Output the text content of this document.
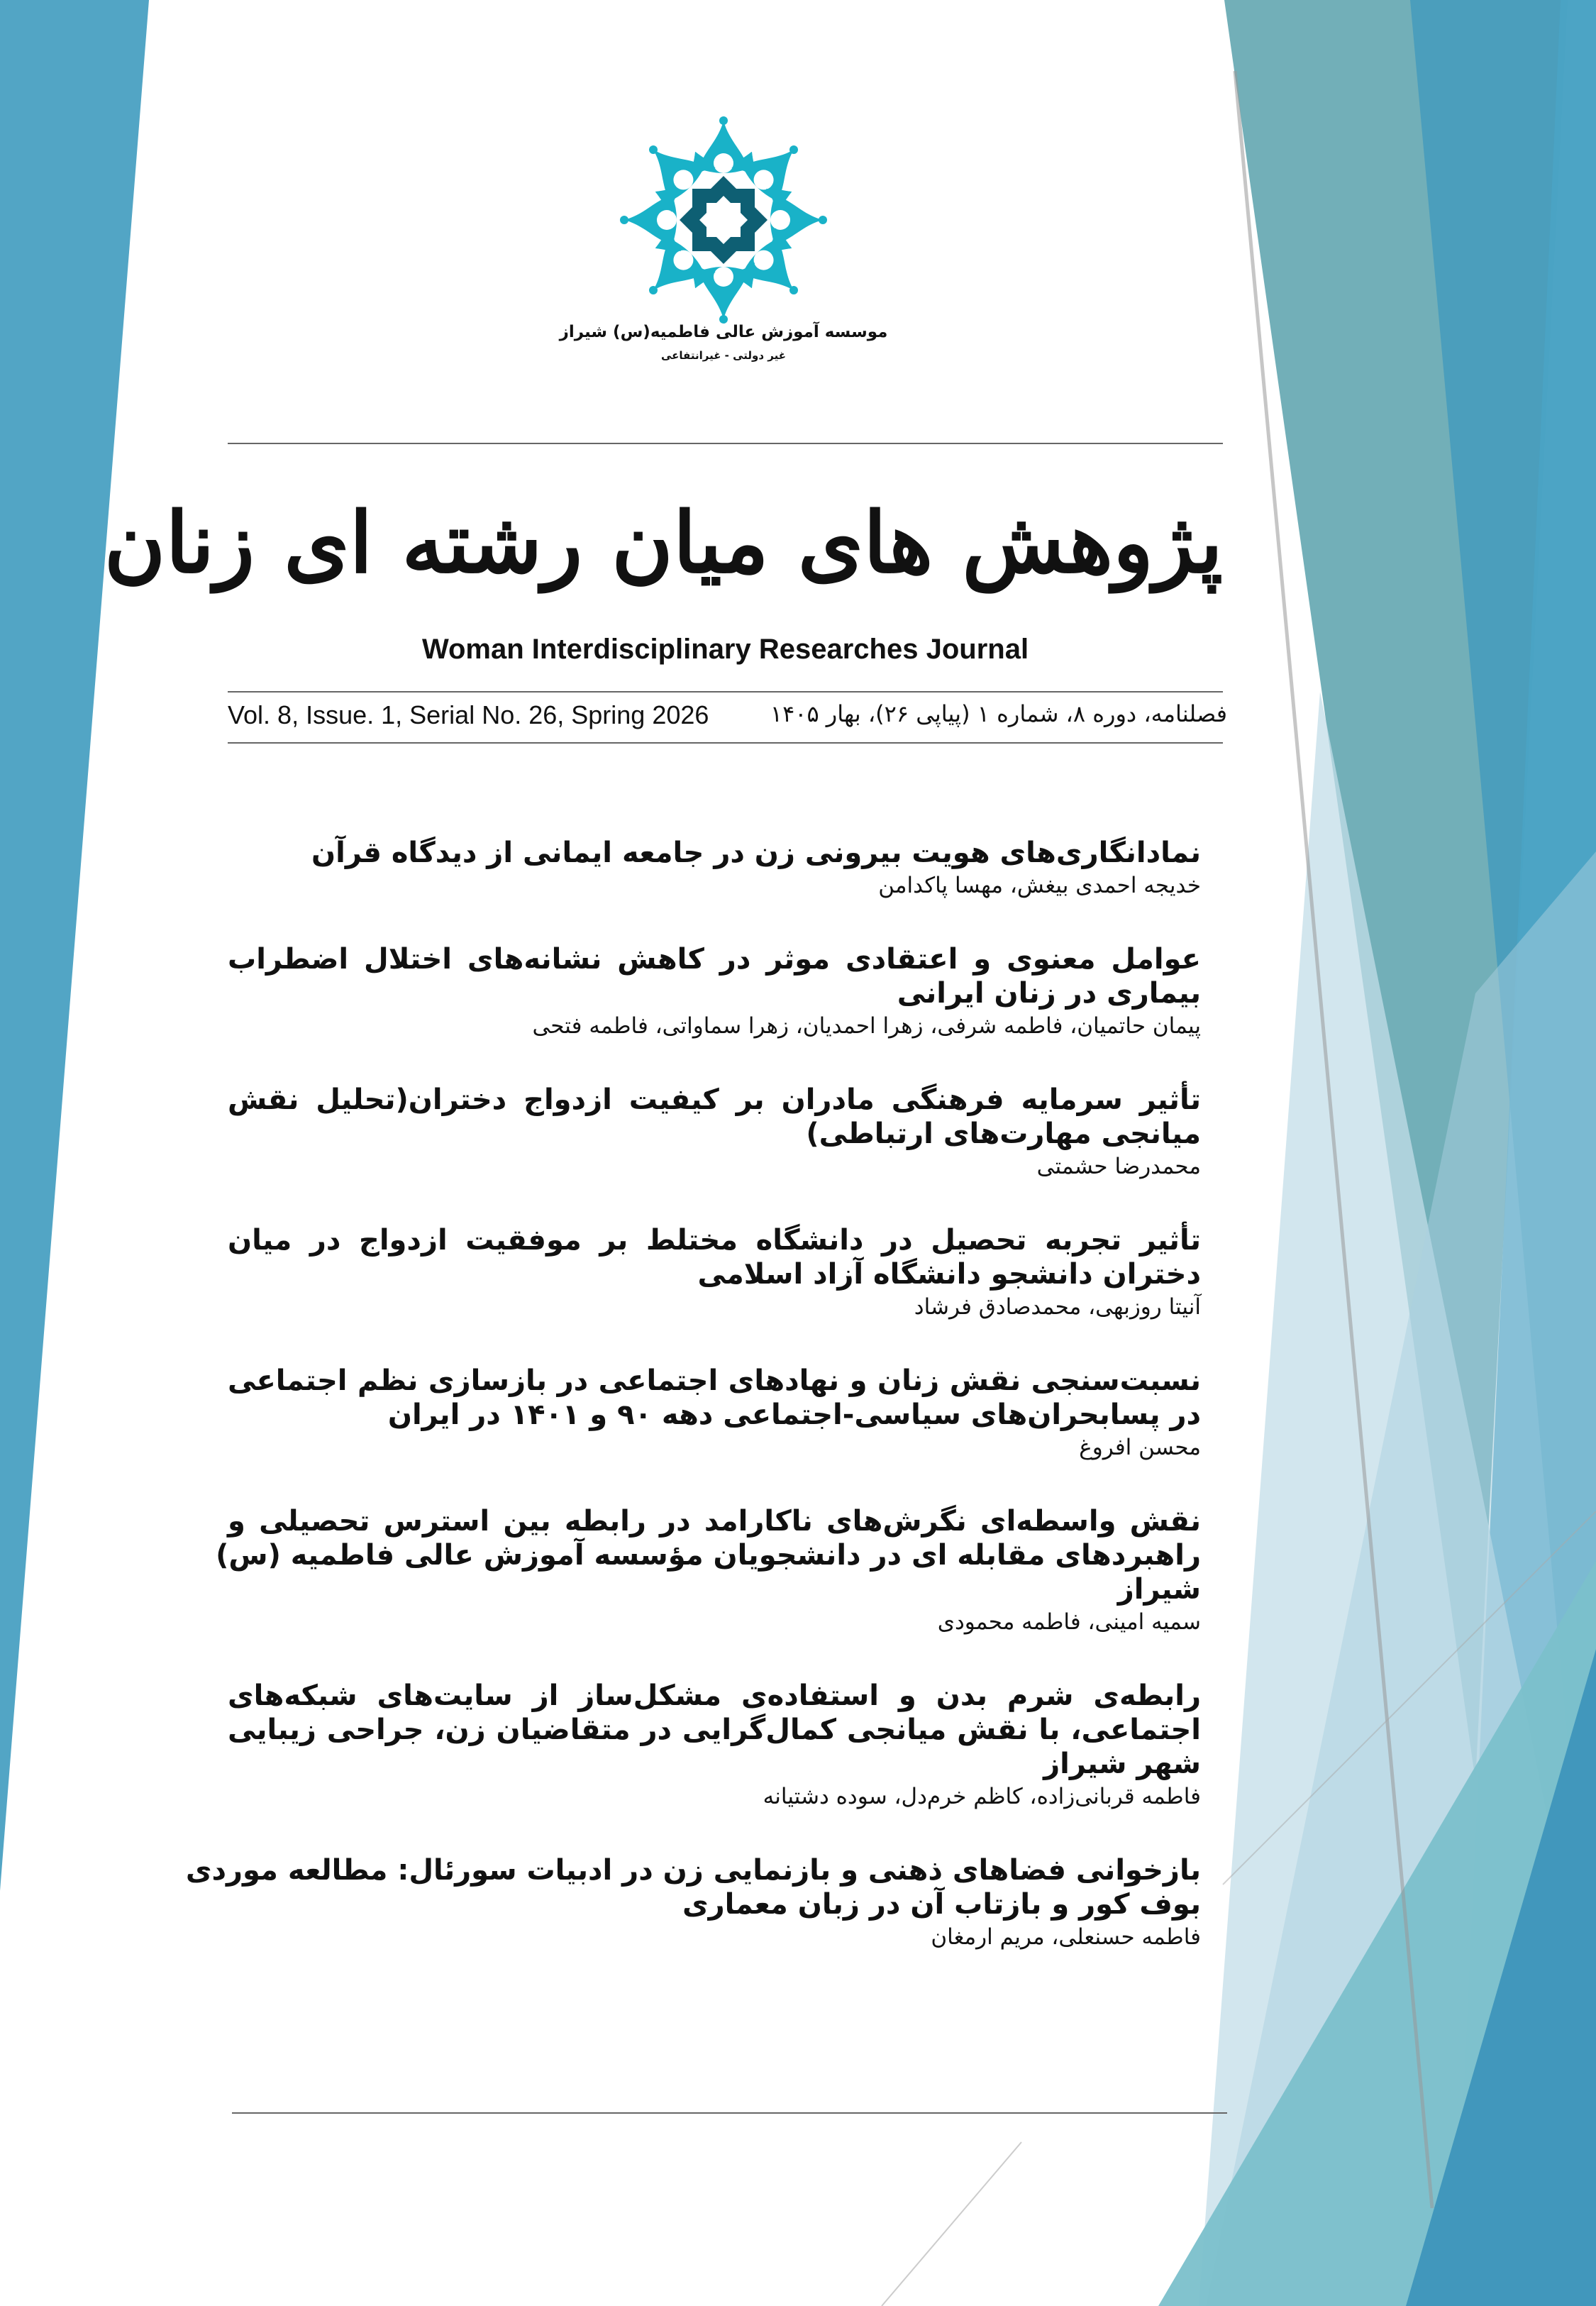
موسسه آموزش عالی فاطمیه(س) شیراز
غیر دولتی - غیرانتفاعی
پژوهش های میان رشته ای زنان
Woman Interdisciplinary Researches Journal
Vol. 8, Issue. 1, Serial No. 26, Spring 2026	فصلنامه، دوره ۸، شماره ۱ (پیاپی ۲۶)، بهار ۱۴۰۵
نمادانگاری‌های هویت بیرونی زن در جامعه ایمانی از دیدگاه قرآن
خدیجه احمدی بیغش، مهسا پاکدامن
عوامل معنوی و اعتقادی موثر در کاهش نشانه‌های اختلال اضطراب
بیماری در زنان ایرانی
پیمان حاتمیان، فاطمه شرفی، زهرا احمدیان، زهرا سماواتی، فاطمه فتحی
تأثیر سرمایه فرهنگی مادران بر کیفیت ازدواج دختران(تحلیل نقش
میانجی مهارت‌های ارتباطی)
محمدرضا حشمتی
تأثیر تجربه تحصیل در دانشگاه مختلط بر موفقیت ازدواج در میان
دختران دانشجو دانشگاه آزاد اسلامی
آنیتا روزبهی، محمدصادق فرشاد
نسبت‌سنجی نقش زنان و نهادهای اجتماعی در بازسازی نظم اجتماعی
در پسابحران‌های سیاسی-اجتماعی دهه ۹۰ و ۱۴۰۱ در ایران
محسن افروغ
نقش واسطه‌ای نگرش‌های ناکارامد در رابطه بین استرس تحصیلی و
راهبردهای مقابله ای در دانشجویان مؤسسه آموزش عالی فاطمیه (س)
شیراز
سمیه امینی، فاطمه محمودی
رابطه‌ی شرم بدن و استفاده‌ی مشکل‌ساز از سایت‌های شبکه‌های
اجتماعی، با نقش میانجی کمال‌گرایی در متقاضیان زن، جراحی زیبایی
شهر شیراز
فاطمه قربانی‌زاده، کاظم خرم‌دل، سوده دشتیانه
بازخوانی فضاهای ذهنی و بازنمایی زن در ادبیات سورئال: مطالعه موردی
بوف کور و بازتاب آن در زبان معماری
فاطمه حسنعلی، مریم ارمغان
